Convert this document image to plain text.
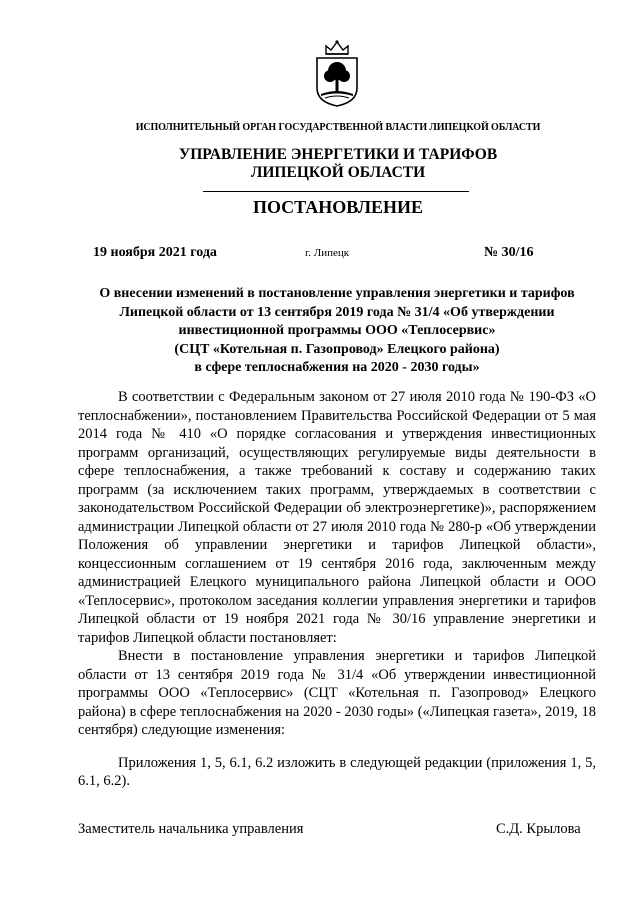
ИСПОЛНИТЕЛЬНЫЙ ОРГАН ГОСУДАРСТВЕННОЙ ВЛАСТИ ЛИПЕЦКОЙ ОБЛАСТИ
УПРАВЛЕНИЕ ЭНЕРГЕТИКИ И ТАРИФОВ
ЛИПЕЦКОЙ ОБЛАСТИ
ПОСТАНОВЛЕНИЕ
19 ноября 2021 года	г. Липецк	№ 30/16
О внесении изменений в постановление управления энергетики и тарифов
Липецкой области от 13 сентября 2019 года № 31/4 «Об утверждении
инвестиционной программы ООО «Теплосервис»
(СЦТ «Котельная п. Газопровод» Елецкого района)
в сфере теплоснабжения на 2020 - 2030 годы»

В соответствии с Федеральным законом от 27 июля 2010 года № 190-ФЗ «О теплоснабжении», постановлением Правительства Российской Федерации от 5 мая 2014 года № 410 «О порядке согласования и утверждения инвестиционных программ организаций, осуществляющих регулируемые виды деятельности в сфере теплоснабжения, а также требований к составу и содержанию таких программ (за исключением таких программ, утверждаемых в соответствии с законодательством Российской Федерации об электроэнергетике)», распоряжением администрации Липецкой области от 27 июля 2010 года № 280-р «Об утверждении Положения об управлении энергетики и тарифов Липецкой области», концессионным соглашением от 19 сентября 2016 года, заключенным между администрацией Елецкого муниципального района Липецкой области и ООО «Теплосервис», протоколом заседания коллегии управления энергетики и тарифов Липецкой области от 19 ноября 2021 года № 30/16 управление энергетики и тарифов Липецкой области постановляет:

Внести в постановление управления энергетики и тарифов Липецкой области от 13 сентября 2019 года № 31/4 «Об утверждении инвестиционной программы ООО «Теплосервис» (СЦТ «Котельная п. Газопровод» Елецкого района) в сфере теплоснабжения на 2020 - 2030 годы» («Липецкая газета», 2019, 18 сентября) следующие изменения:

Приложения 1, 5, 6.1, 6.2 изложить в следующей редакции (приложения 1, 5, 6.1, 6.2).

Заместитель начальника управления	С.Д. Крылова
